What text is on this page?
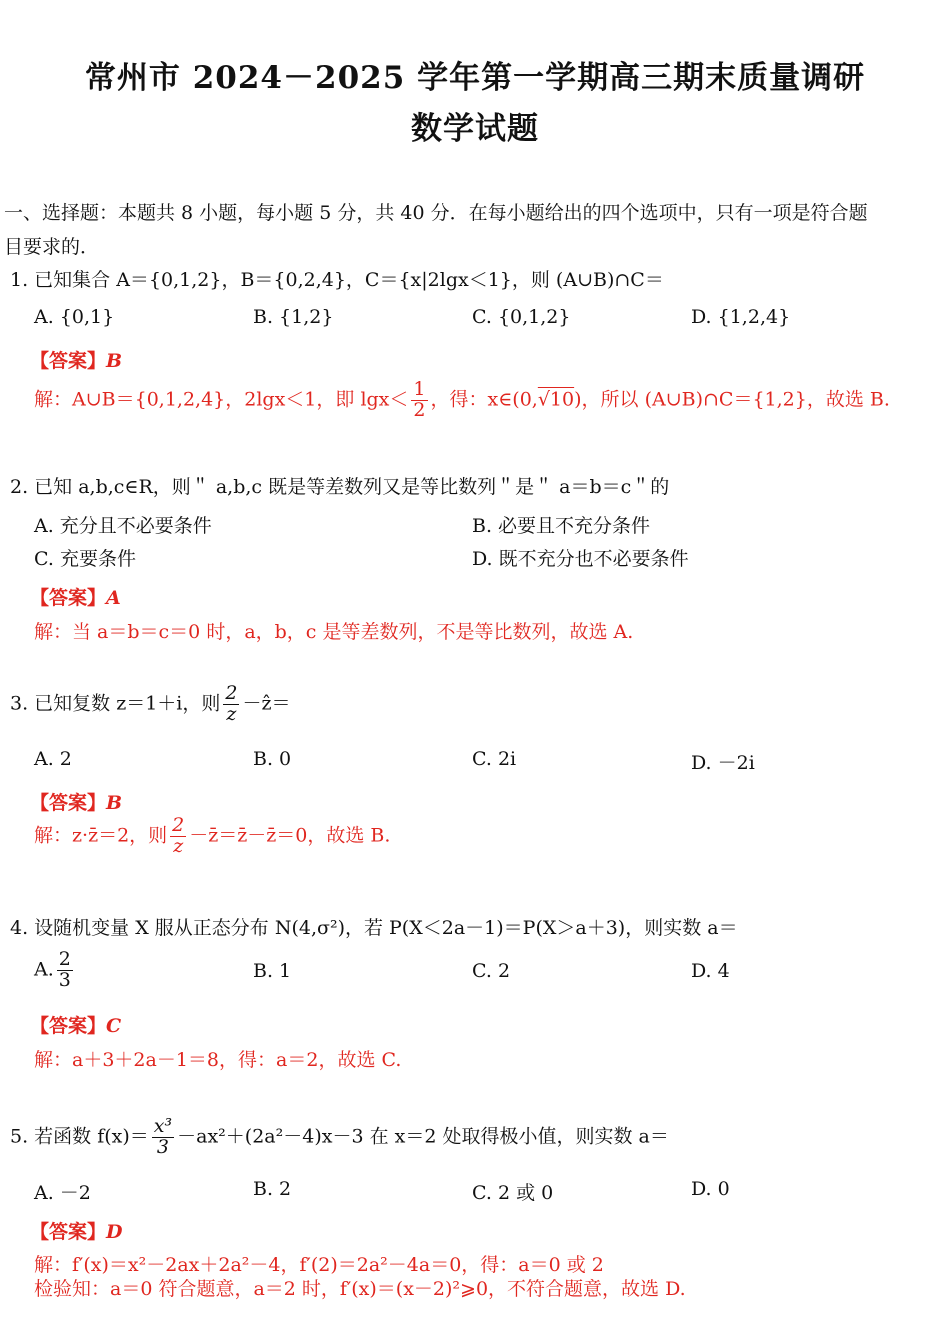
常州市 2024－2025 学年第一学期高三期末质量调研
数学试题
一、选择题：本题共 8 小题，每小题 5 分，共 40 分．在每小题给出的四个选项中，只有一项是符合题
目要求的．
1. 已知集合 A＝{0,1,2}，B＝{0,2,4}，C＝{x|2lgx＜1}，则 (A∪B)∩C＝
A. {0,1}	B. {1,2}	C. {0,1,2}	D. {1,2,4}
【答案】B
解：A∪B＝{0,1,2,4}，2lgx＜1，即 $\lg x< \frac{1}{2}$ ，得：x∈(0,√10)，所以 (A∪B)∩C＝{1,2}，故选 B.
2. 已知 a,b,c∈R，则＂ a,b,c 既是等差数列又是等比数列＂是＂ a＝b＝c＂的
A. 充分且不必要条件	B. 必要且不充分条件
C. 充要条件	D. 既不充分也不必要条件
【答案】A
解：当 a＝b＝c＝0 时，a，b，c 是等差数列，不是等比数列，故选 A.
3. 已知复数 z＝1＋i，则 $\frac{2}{z}$ －ẑ＝
A. 2	B. 0	C. 2i	D. －2i
【答案】B
解：z·z̄＝2，则 $\frac{2}{z}$ －z̄＝z̄－z̄＝0，故选 B.
4. 设随机变量 X 服从正态分布 N(4,σ²)，若 P(X＜2a－1)＝P(X＞a＋3)，则实数 a＝
A. $\frac{2}{3}$	B. 1	C. 2	D. 4
【答案】C
解：a＋3＋2a－1＝8，得：a＝2，故选 C.
5. 若函数 $f(x)= \frac{\text{x³}}{3} -ax^2+(2a^2-4)x-3$ 在 x＝2 处取得极小值，则实数 a＝
A. －2	B. 2	C. 2 或 0	D. 0
【答案】D
解：f′(x)＝x²－2ax＋2a²－4，f′(2)＝2a²－4a＝0，得：a＝0 或 2
检验知：a＝0 符合题意，a＝2 时，f′(x)＝(x－2)²⩾0，不符合题意，故选 D.
